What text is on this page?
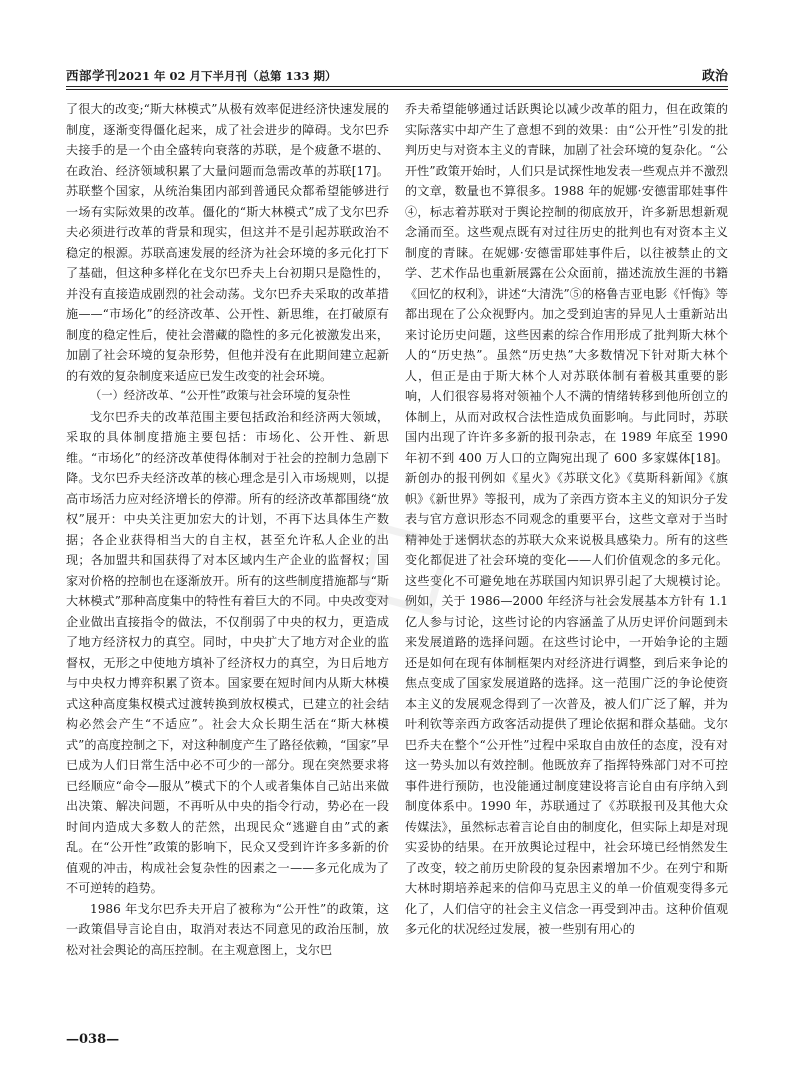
西部学刊2021 年 02 月下半月刊（总第 133 期）	政治

了很大的改变;“斯大林模式”从极有效率促进经济快速发展的制度，逐渐变得僵化起来，成了社会进步的障碍。戈尔巴乔夫接手的是一个由全盛转向衰落的苏联，是个疲惫不堪的、在政治、经济领域积累了大量问题而急需改革的苏联[17]。苏联整个国家，从统治集团内部到普通民众都希望能够进行一场有实际效果的改革。僵化的“斯大林模式”成了戈尔巴乔夫必须进行改革的背景和现实，但这并不是引起苏联政治不稳定的根源。苏联高速发展的经济为社会环境的多元化打下了基础，但这种多样化在戈尔巴乔夫上台初期只是隐性的，并没有直接造成剧烈的社会动荡。戈尔巴乔夫采取的改革措施——“市场化”的经济改革、公开性、新思维，在打破原有制度的稳定性后，使社会潜藏的隐性的多元化被激发出来，加剧了社会环境的复杂形势，但他并没有在此期间建立起新的有效的复杂制度来适应已发生改变的社会环境。

（一）经济改革、“公开性”政策与社会环境的复杂性

戈尔巴乔夫的改革范围主要包括政治和经济两大领域，采取的具体制度措施主要包括：市场化、公开性、新思维。“市场化”的经济改革使得体制对于社会的控制力急剧下降。戈尔巴乔夫经济改革的核心理念是引入市场规则，以提高市场活力应对经济增长的停滞。所有的经济改革都围绕“放权”展开：中央关注更加宏大的计划，不再下达具体生产数据；各企业获得相当大的自主权，甚至允许私人企业的出现；各加盟共和国获得了对本区域内生产企业的监督权；国家对价格的控制也在逐渐放开。所有的这些制度措施都与“斯大林模式”那种高度集中的特性有着巨大的不同。中央改变对企业做出直接指令的做法，不仅削弱了中央的权力，更造成了地方经济权力的真空。同时，中央扩大了地方对企业的监督权，无形之中使地方填补了经济权力的真空，为日后地方与中央权力博弈积累了资本。国家要在短时间内从斯大林模式这种高度集权模式过渡转换到放权模式，已建立的社会结构必然会产生“不适应”。社会大众长期生活在“斯大林模式”的高度控制之下，对这种制度产生了路径依赖，“国家”早已成为人们日常生活中必不可少的一部分。现在突然要求将已经顺应“命令—服从”模式下的个人或者集体自己站出来做出决策、解决问题，不再听从中央的指令行动，势必在一段时间内造成大多数人的茫然，出现民众“逃避自由”式的紊乱。在“公开性”政策的影响下，民众又受到许许多多新的价值观的冲击，构成社会复杂性的因素之一——多元化成为了不可逆转的趋势。

1986 年戈尔巴乔夫开启了被称为“公开性”的政策，这一政策倡导言论自由，取消对表达不同意见的政治压制，放松对社会舆论的高压控制。在主观意图上，戈尔巴

乔夫希望能够通过话跃舆论以减少改革的阻力，但在政策的实际落实中却产生了意想不到的效果：由“公开性”引发的批判历史与对资本主义的青睐，加剧了社会环境的复杂化。“公开性”政策开始时，人们只是试探性地发表一些观点并不激烈的文章，数量也不算很多。1988 年的妮娜·安德雷耶娃事件④，标志着苏联对于舆论控制的彻底放开，许多新思想新观念涌而至。这些观点既有对过往历史的批判也有对资本主义制度的青睐。在妮娜·安德雷耶娃事件后，以往被禁止的文学、艺术作品也重新展露在公众面前，描述流放生涯的书籍《回忆的权利》，讲述“大清洗”⑤的格鲁吉亚电影《忏悔》等都出现在了公众视野内。加之受到迫害的异见人士重新站出来讨论历史问题，这些因素的综合作用形成了批判斯大林个人的“历史热”。虽然“历史热”大多数情况下针对斯大林个人，但正是由于斯大林个人对苏联体制有着极其重要的影响，人们很容易将对领袖个人不满的情绪转移到他所创立的体制上，从而对政权合法性造成负面影响。与此同时，苏联国内出现了许许多多新的报刊杂志，在 1989 年底至 1990 年初不到 400 万人口的立陶宛出现了 600 多家媒体[18]。新创办的报刊例如《星火》《苏联文化》《莫斯科新闻》《旗帜》《新世界》等报刊，成为了亲西方资本主义的知识分子发表与官方意识形态不同观念的重要平台，这些文章对于当时精神处于迷惘状态的苏联大众来说极具感染力。所有的这些变化都促进了社会环境的变化——人们价值观念的多元化。这些变化不可避免地在苏联国内知识界引起了大规模讨论。例如，关于 1986—2000 年经济与社会发展基本方针有 1.1 亿人参与讨论，这些讨论的内容涵盖了从历史评价问题到未来发展道路的选择问题。在这些讨论中，一开始争论的主题还是如何在现有体制框架内对经济进行调整，到后来争论的焦点变成了国家发展道路的选择。这一范围广泛的争论使资本主义的发展观念得到了一次普及，被人们广泛了解，并为叶利钦等亲西方政客活动提供了理论依据和群众基础。戈尔巴乔夫在整个“公开性”过程中采取自由放任的态度，没有对这一势头加以有效控制。他既放弃了指挥特殊部门对不可控事件进行预防，也没能通过制度建设将言论自由有序纳入到制度体系中。1990 年，苏联通过了《苏联报刊及其他大众传媒法》，虽然标志着言论自由的制度化，但实际上却是对现实妥协的结果。在开放舆论过程中，社会环境已经悄然发生了改变，较之前历史阶段的复杂因素增加不少。在列宁和斯大林时期培养起来的信仰马克思主义的单一价值观变得多元化了，人们信守的社会主义信念一再受到冲击。这种价值观多元化的状况经过发展，被一些别有用心的

◇
—038—
